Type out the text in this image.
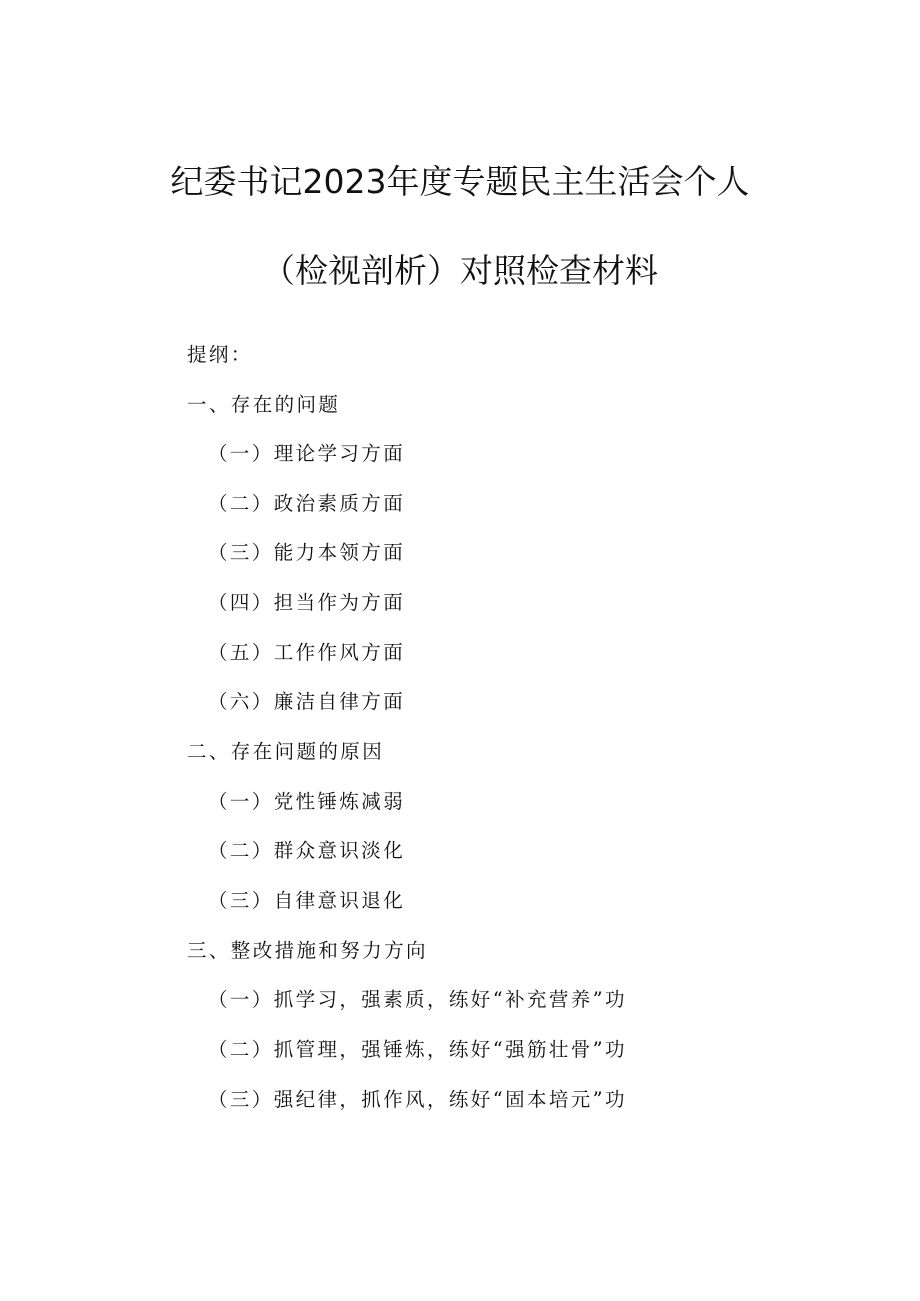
纪委书记2023年度专题民主生活会个人
（检视剖析）对照检查材料
提纲：
一、存在的问题
（一）理论学习方面
（二）政治素质方面
（三）能力本领方面
（四）担当作为方面
（五）工作作风方面
（六）廉洁自律方面
二、存在问题的原因
（一）党性锤炼减弱
（二）群众意识淡化
（三）自律意识退化
三、整改措施和努力方向
（一）抓学习，强素质，练好“补充营养”功
（二）抓管理，强锤炼，练好“强筋壮骨”功
（三）强纪律，抓作风，练好“固本培元”功
